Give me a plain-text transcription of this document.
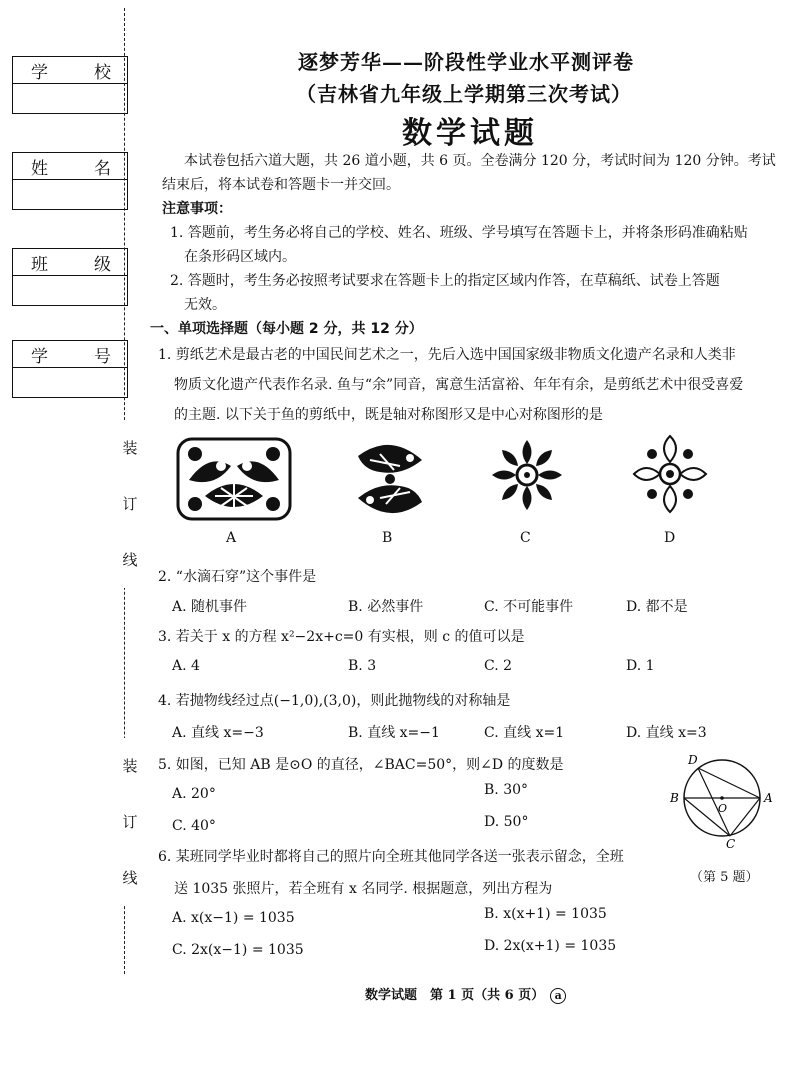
学	校
姓	名
班	级
学	号
装
订
线
装
订
线
逐梦芳华——阶段性学业水平测评卷
（吉林省九年级上学期第三次考试）
数学试题
本试卷包括六道大题，共 26 道小题，共 6 页。全卷满分 120 分，考试时间为 120 分钟。考试
结束后，将本试卷和答题卡一并交回。
注意事项：
1. 答题前，考生务必将自己的学校、姓名、班级、学号填写在答题卡上，并将条形码准确粘贴
在条形码区域内。
2. 答题时，考生务必按照考试要求在答题卡上的指定区域内作答，在草稿纸、试卷上答题
无效。
一、单项选择题（每小题 2 分，共 12 分）
1. 剪纸艺术是最古老的中国民间艺术之一，先后入选中国国家级非物质文化遗产名录和人类非
物质文化遗产代表作名录. 鱼与“余”同音，寓意生活富裕、年年有余，是剪纸艺术中很受喜爱
的主题. 以下关于鱼的剪纸中，既是轴对称图形又是中心对称图形的是
A	B	C	D
2. “水滴石穿”这个事件是
A. 随机事件	B. 必然事件	C. 不可能事件	D. 都不是
3. 若关于 x 的方程 x²−2x+c=0 有实根，则 c 的值可以是
A. 4	B. 3	C. 2	D. 1
4. 若抛物线经过点(−1,0),(3,0)，则此抛物线的对称轴是
A. 直线 x=−3	B. 直线 x=−1	C. 直线 x=1	D. 直线 x=3
5. 如图，已知 AB 是⊙O 的直径，∠BAC=50°，则∠D 的度数是
A. 20°	B. 30°
C. 40°	D. 50°
D
B
O
A
C
（第 5 题）
6. 某班同学毕业时都将自己的照片向全班其他同学各送一张表示留念，全班
送 1035 张照片，若全班有 x 名同学. 根据题意，列出方程为
A. x(x−1) = 1035	B. x(x+1) = 1035
C. 2x(x−1) = 1035	D. 2x(x+1) = 1035
数学试题　第 1 页（共 6 页） a
